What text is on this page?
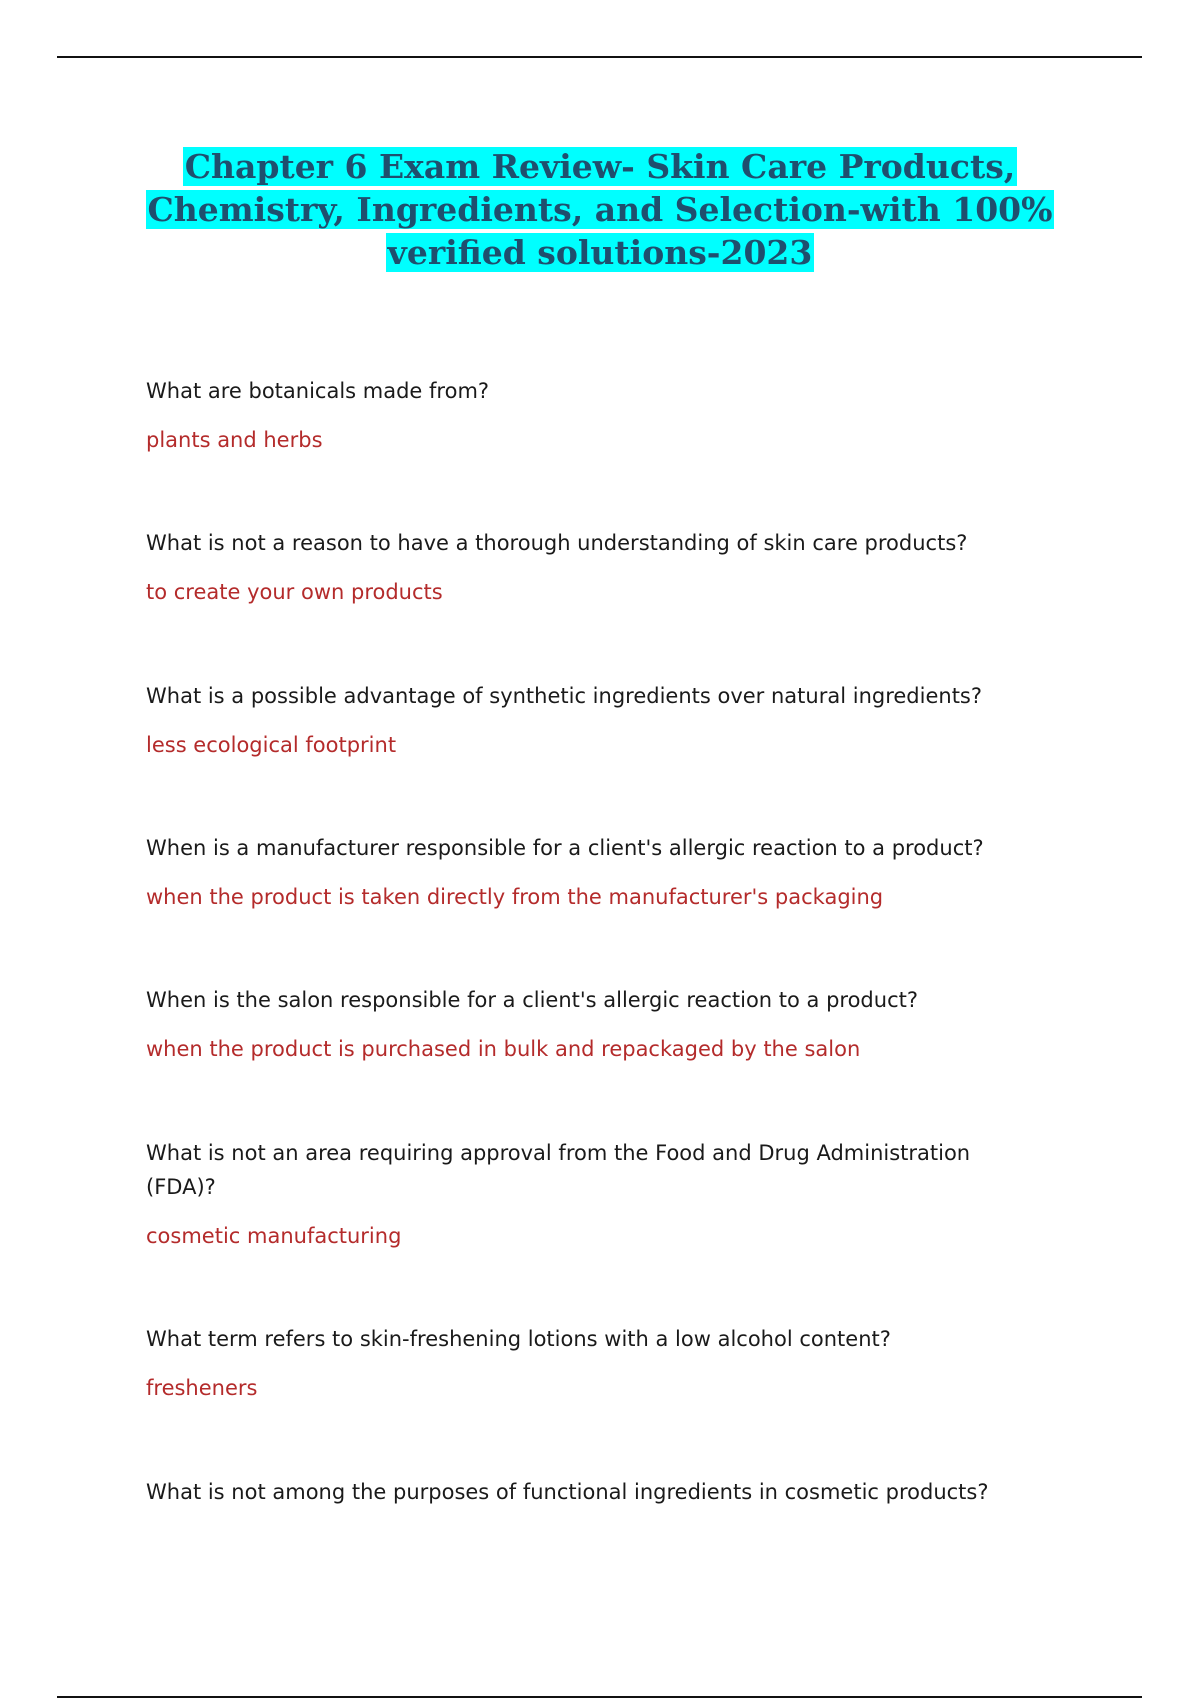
Chapter 6 Exam Review- Skin Care Products,
Chemistry, Ingredients, and Selection-with 100%
verified solutions-2023

What are botanicals made from?

plants and herbs

What is not a reason to have a thorough understanding of skin care products?

to create your own products

What is a possible advantage of synthetic ingredients over natural ingredients?

less ecological footprint

When is a manufacturer responsible for a client's allergic reaction to a product?

when the product is taken directly from the manufacturer's packaging

When is the salon responsible for a client's allergic reaction to a product?

when the product is purchased in bulk and repackaged by the salon

What is not an area requiring approval from the Food and Drug Administration (FDA)?

cosmetic manufacturing

What term refers to skin-freshening lotions with a low alcohol content?

fresheners

What is not among the purposes of functional ingredients in cosmetic products?
